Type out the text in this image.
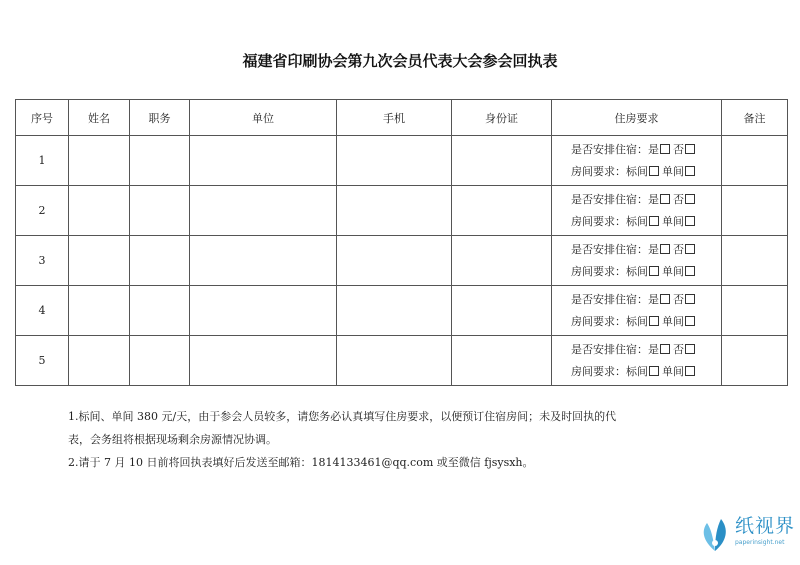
福建省印刷协会第九次会员代表大会参会回执表
序号	姓名	职务	单位	手机	身份证	住房要求	备注
1						是否安排住宿：是 否
房间要求：标间 单间	

2						是否安排住宿：是 否
房间要求：标间 单间	

3						是否安排住宿：是 否
房间要求：标间 单间	

4						是否安排住宿：是 否
房间要求：标间 单间	

5						是否安排住宿：是 否
房间要求：标间 单间	

1.标间、单间 380 元/天，由于参会人员较多，请您务必认真填写住房要求，以便预订住宿房间；未及时回执的代

表，会务组将根据现场剩余房源情况协调。

2.请于 7 月 10 日前将回执表填好后发送至邮箱：1814133461@qq.com 或至微信 fjsysxh。

纸视界
paperinsight.net
